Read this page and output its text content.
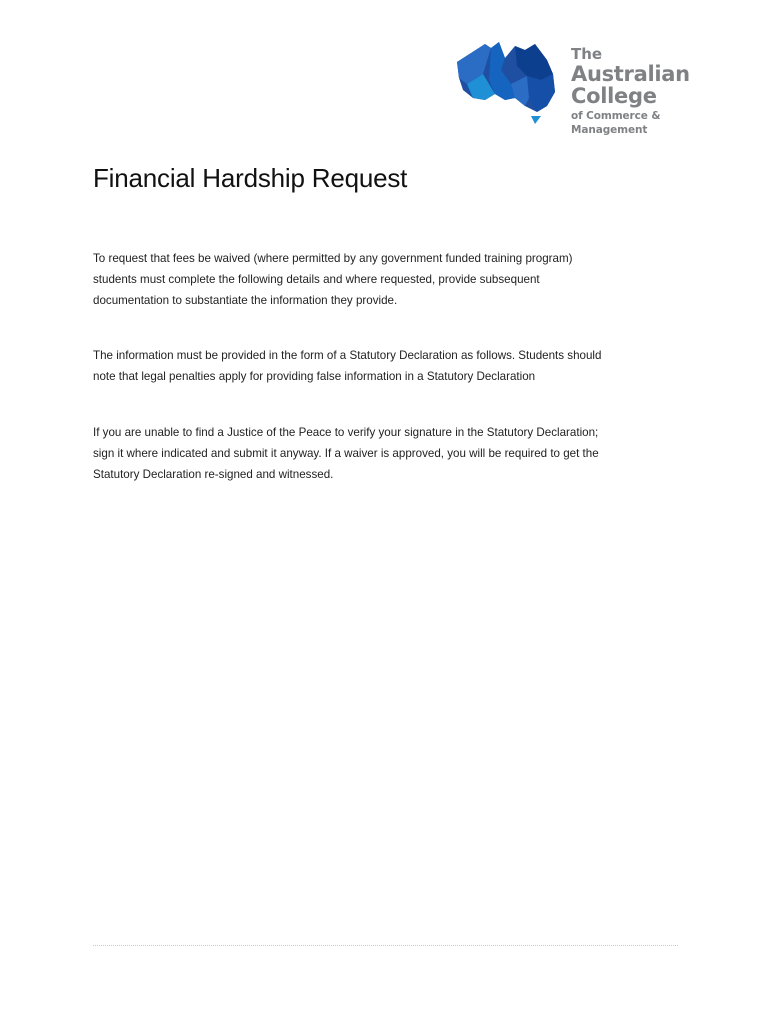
The
Australian
College
of Commerce & Management
Financial Hardship Request

To request that fees be waived (where permitted by any government funded training program)
students must complete the following details and where requested, provide subsequent
documentation to substantiate the information they provide.

The information must be provided in the form of a Statutory Declaration as follows. Students should
note that legal penalties apply for providing false information in a Statutory Declaration

If you are unable to find a Justice of the Peace to verify your signature in the Statutory Declaration;
sign it where indicated and submit it anyway. If a waiver is approved, you will be required to get the
Statutory Declaration re-signed and witnessed.
